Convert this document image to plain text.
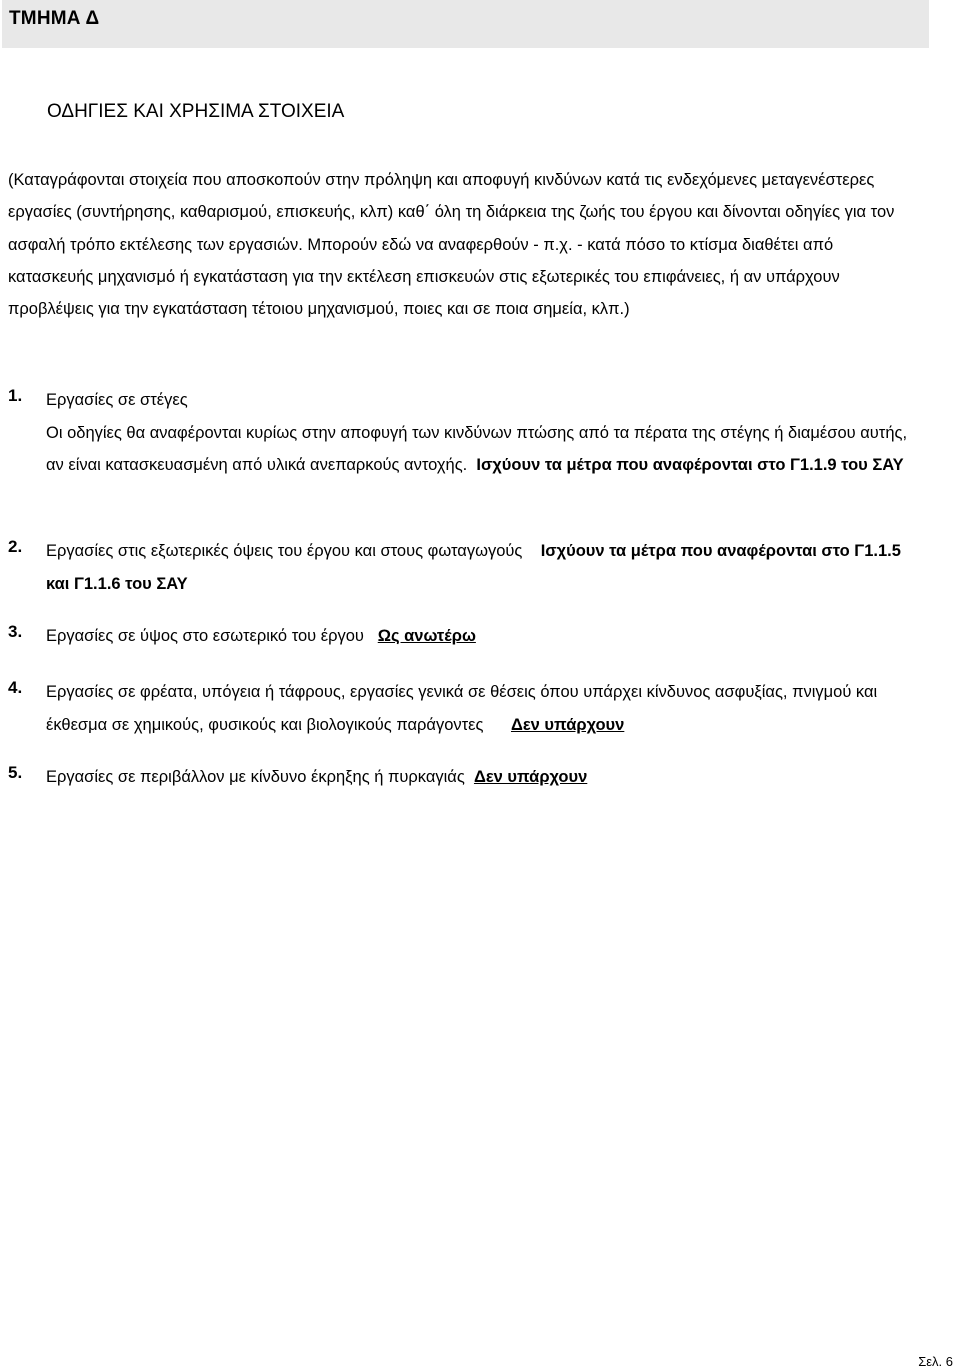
ΤΜΗΜΑ Δ
ΟΔΗΓΙΕΣ ΚΑΙ ΧΡΗΣΙΜΑ ΣΤΟΙΧΕΙΑ
(Καταγράφονται στοιχεία που αποσκοπούν στην πρόληψη και αποφυγή κινδύνων κατά τις ενδεχόμενες μεταγενέστερες εργασίες (συντήρησης, καθαρισμού, επισκευής, κλπ) καθ΄ όλη τη διάρκεια της ζωής του έργου και δίνονται οδηγίες για τον ασφαλή τρόπο εκτέλεσης των εργασιών. Μπορούν εδώ να αναφερθούν - π.χ. - κατά πόσο το κτίσμα διαθέτει από κατασκευής μηχανισμό ή εγκατάσταση για την εκτέλεση επισκευών στις εξωτερικές του επιφάνειες, ή αν υπάρχουν προβλέψεις για την εγκατάσταση τέτοιου μηχανισμού, ποιες και σε ποια σημεία, κλπ.)
1. Εργασίες σε στέγες
Οι οδηγίες θα αναφέρονται κυρίως στην αποφυγή των κινδύνων πτώσης από τα πέρατα της στέγης ή διαμέσου αυτής, αν είναι κατασκευασμένη από υλικά ανεπαρκούς αντοχής. Ισχύουν τα μέτρα που αναφέρονται στο Γ1.1.9 του ΣΑΥ
2. Εργασίες στις εξωτερικές όψεις του έργου και στους φωταγωγούς Ισχύουν τα μέτρα που αναφέρονται στο Γ1.1.5 και Γ1.1.6 του ΣΑΥ
3. Εργασίες σε ύψος στο εσωτερικό του έργου Ως ανωτέρω
4. Εργασίες σε φρέατα, υπόγεια ή τάφρους, εργασίες γενικά σε θέσεις όπου υπάρχει κίνδυνος ασφυξίας, πνιγμού και έκθεσμα σε χημικούς, φυσικούς και βιολογικούς παράγοντες Δεν υπάρχουν
5. Εργασίες σε περιβάλλον με κίνδυνο έκρηξης ή πυρκαγιάς Δεν υπάρχουν
Σελ. 6
